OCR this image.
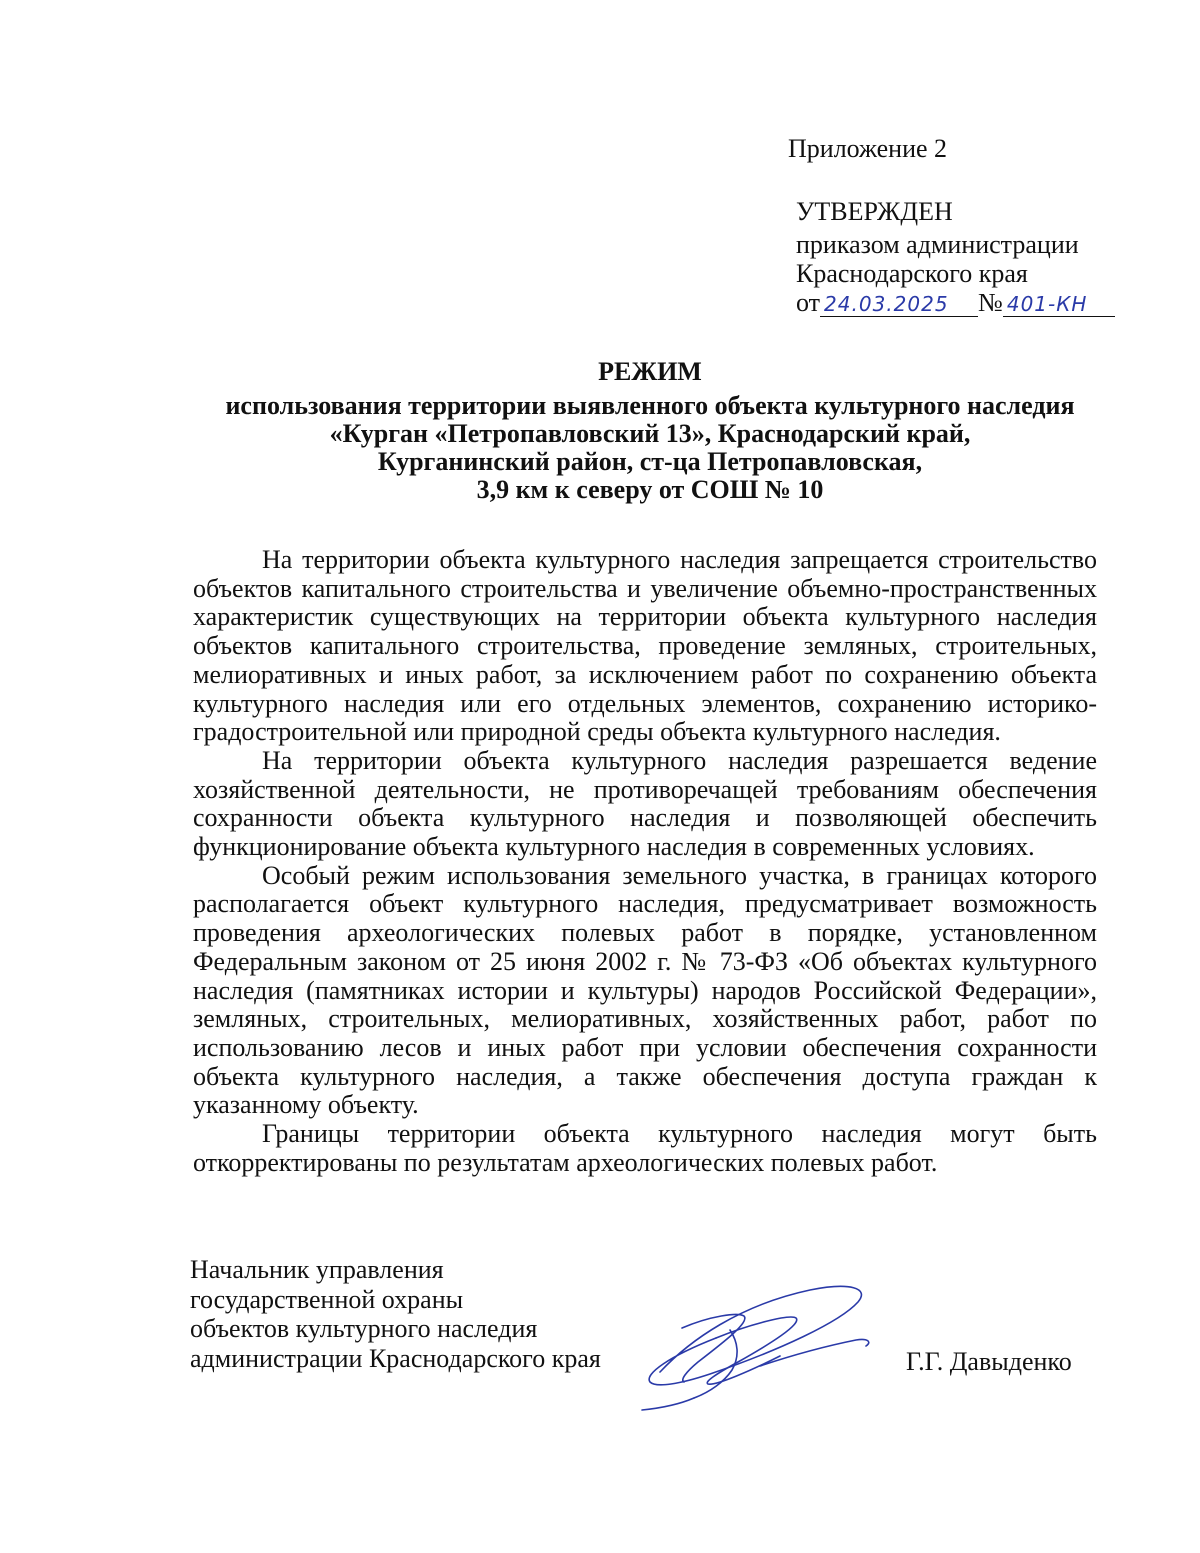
Приложение 2
УТВЕРЖДЕН
приказом администрации
Краснодарского края
от 24.03.2025 № 401-КН
РЕЖИМ
использования территории выявленного объекта культурного наследия
«Курган «Петропавловский 13», Краснодарский край,
Курганинский район, ст-ца Петропавловская,
3,9 км к северу от СОШ № 10

На территории объекта культурного наследия запрещается строительство объектов капитального строительства и увеличение объемно-пространственных характеристик существующих на территории объекта культурного наследия объектов капитального строительства, проведение земляных, строительных, мелиоративных и иных работ, за исключением работ по сохранению объекта культурного наследия или его отдельных элементов, сохранению историко-градостроительной или природной среды объекта культурного наследия.

На территории объекта культурного наследия разрешается ведение хозяйственной деятельности, не противоречащей требованиям обеспечения сохранности объекта культурного наследия и позволяющей обеспечить функционирование объекта культурного наследия в современных условиях.

Особый режим использования земельного участка, в границах которого располагается объект культурного наследия, предусматривает возможность проведения археологических полевых работ в порядке, установленном Федеральным законом от 25 июня 2002 г. № 73-ФЗ «Об объектах культурного наследия (памятниках истории и культуры) народов Российской Федерации», земляных, строительных, мелиоративных, хозяйственных работ, работ по использованию лесов и иных работ при условии обеспечения сохранности объекта культурного наследия, а также обеспечения доступа граждан к указанному объекту.

Границы территории объекта культурного наследия могут быть откорректированы по результатам археологических полевых работ.

Начальник управления
государственной охраны
объектов культурного наследия
администрации Краснодарского края	Г.Г. Давыденко
